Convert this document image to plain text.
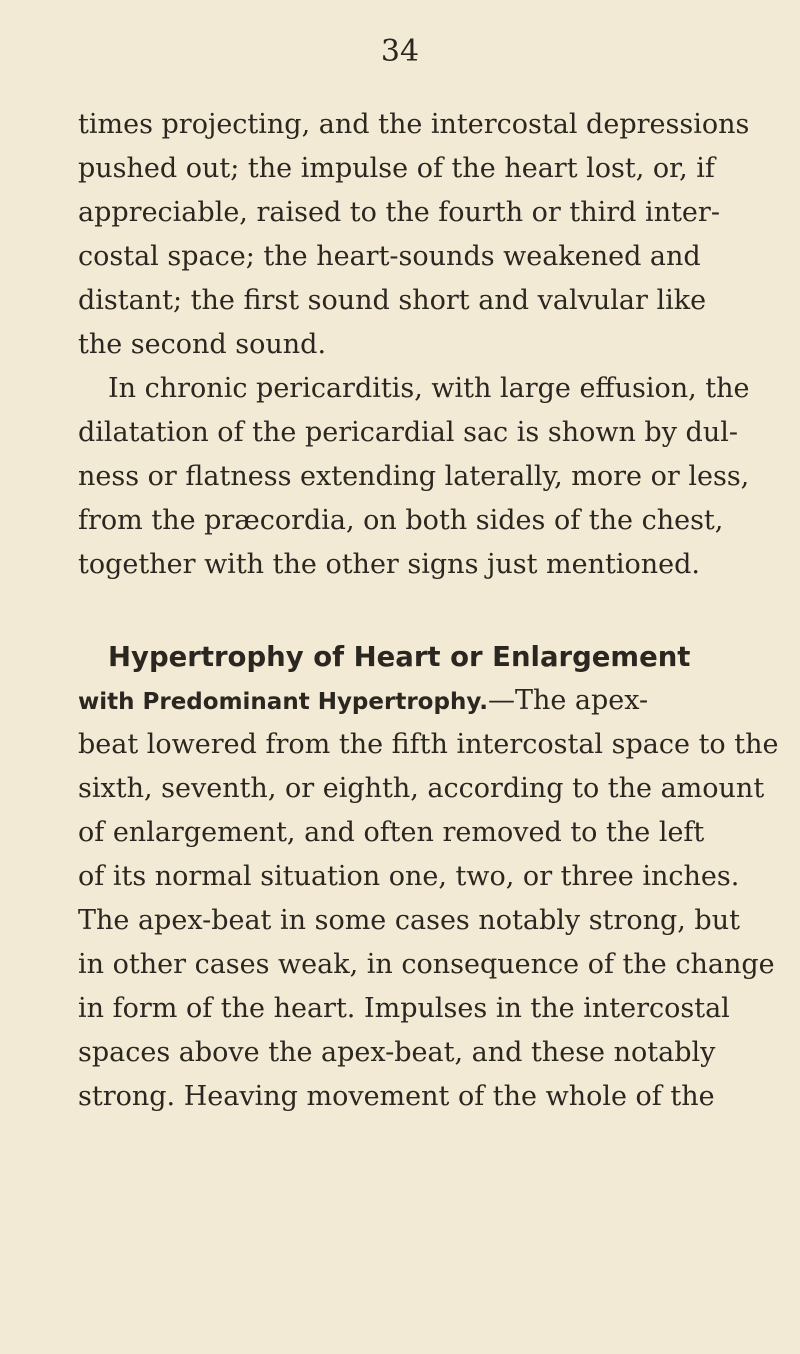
34
times projecting, and the intercostal depressions
pushed out; the impulse of the heart lost, or, if
appreciable, raised to the fourth or third inter-
costal space; the heart-sounds weakened and
distant; the first sound short and valvular like
the second sound.
In chronic pericarditis, with large effusion, the
dilatation of the pericardial sac is shown by dul-
ness or flatness extending laterally, more or less,
from the præcordia, on both sides of the chest,
together with the other signs just mentioned.
Hypertrophy of Heart or Enlargement
with Predominant Hypertrophy.—The apex-
beat lowered from the fifth intercostal space to the
sixth, seventh, or eighth, according to the amount
of enlargement, and often removed to the left
of its normal situation one, two, or three inches.
The apex-beat in some cases notably strong, but
in other cases weak, in consequence of the change
in form of the heart. Impulses in the intercostal
spaces above the apex-beat, and these notably
strong. Heaving movement of the whole of the
